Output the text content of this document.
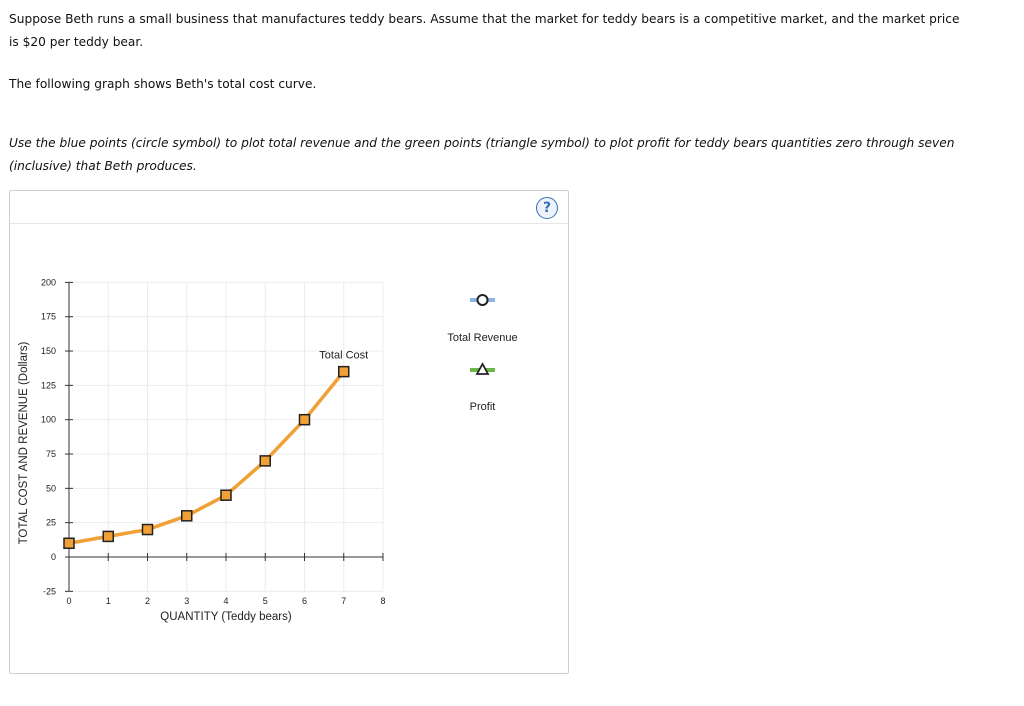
Suppose Beth runs a small business that manufactures teddy bears. Assume that the market for teddy bears is a competitive market, and the market price is $20 per teddy bear.
The following graph shows Beth's total cost curve.
Use the blue points (circle symbol) to plot total revenue and the green points (triangle symbol) to plot profit for teddy bears quantities zero through seven (inclusive) that Beth produces.
?
-25
0
25
50
75
100
125
150
175
200
0	1	2	3	4	5	6	7	8
Total Cost
TOTAL COST AND REVENUE (Dollars)
QUANTITY (Teddy bears)
Total Revenue
Profit
